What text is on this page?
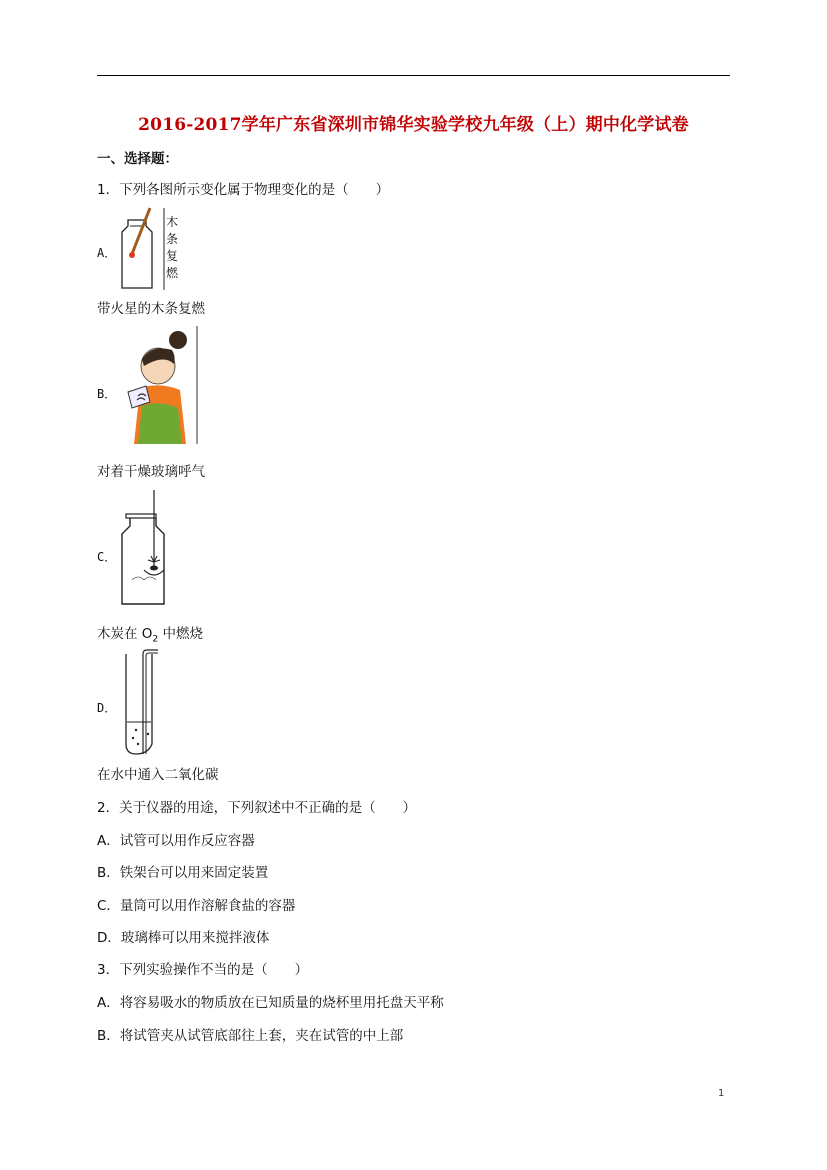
2016-2017学年广东省深圳市锦华实验学校九年级（上）期中化学试卷
一、选择题：
1．下列各图所示变化属于物理变化的是（　　）
A．
木
条
复
燃
带火星的木条复燃
B．
对着干燥玻璃呼气
C．
木炭在 $O_2$ 中燃烧
D．
在水中通入二氧化碳
2．关于仪器的用途，下列叙述中不正确的是（　　）
A．试管可以用作反应容器
B．铁架台可以用来固定装置
C．量筒可以用作溶解食盐的容器
D．玻璃棒可以用来搅拌液体
3．下列实验操作不当的是（　　）
A．将容易吸水的物质放在已知质量的烧杯里用托盘天平称
B．将试管夹从试管底部往上套，夹在试管的中上部
1
